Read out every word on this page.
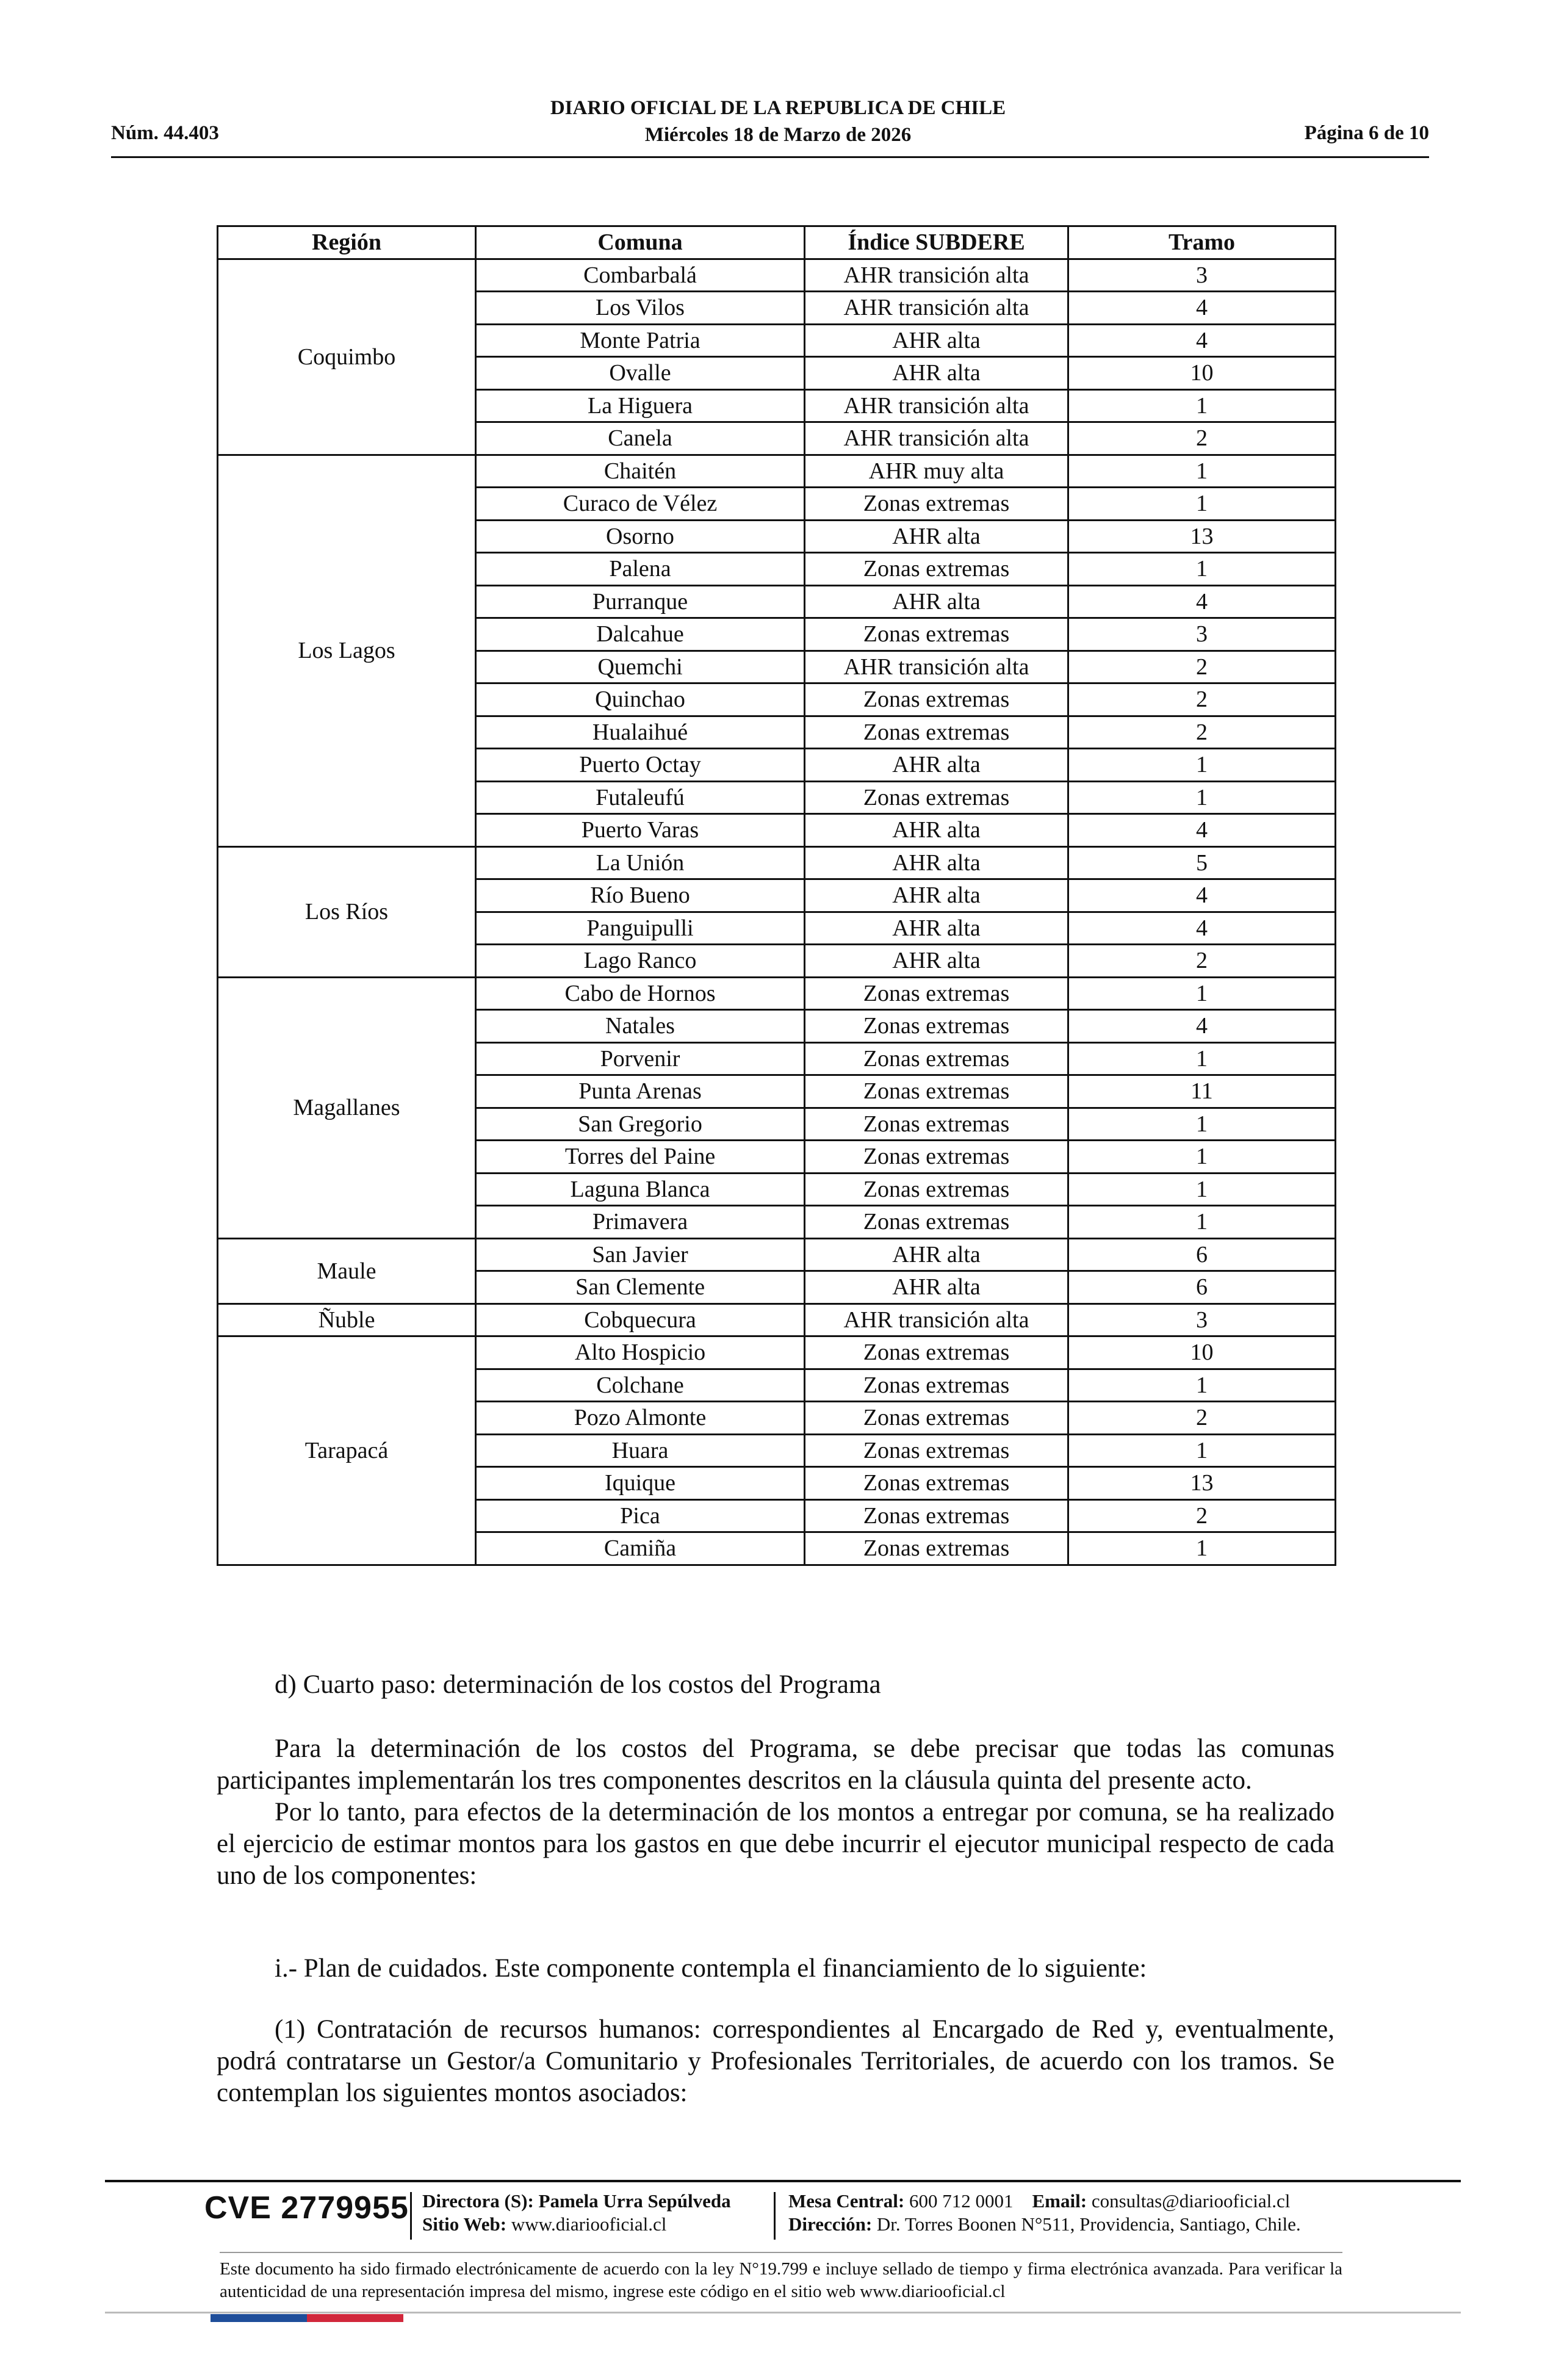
Núm. 44.403
DIARIO OFICIAL DE LA REPUBLICA DE CHILE
Miércoles 18 de Marzo de 2026	Página 6 de 10
Región	Comuna	Índice SUBDERE	Tramo
Coquimbo	Combarbalá	AHR transición alta	3
	Los Vilos	AHR transición alta	4
	Monte Patria	AHR alta	4
	Ovalle	AHR alta	10
	La Higuera	AHR transición alta	1
	Canela	AHR transición alta	2
Los Lagos	Chaitén	AHR muy alta	1
	Curaco de Vélez	Zonas extremas	1
	Osorno	AHR alta	13
	Palena	Zonas extremas	1
	Purranque	AHR alta	4
	Dalcahue	Zonas extremas	3
	Quemchi	AHR transición alta	2
	Quinchao	Zonas extremas	2
	Hualaihué	Zonas extremas	2
	Puerto Octay	AHR alta	1
	Futaleufú	Zonas extremas	1
	Puerto Varas	AHR alta	4
Los Ríos	La Unión	AHR alta	5
	Río Bueno	AHR alta	4
	Panguipulli	AHR alta	4
	Lago Ranco	AHR alta	2
Magallanes	Cabo de Hornos	Zonas extremas	1
	Natales	Zonas extremas	4
	Porvenir	Zonas extremas	1
	Punta Arenas	Zonas extremas	11
	San Gregorio	Zonas extremas	1
	Torres del Paine	Zonas extremas	1
	Laguna Blanca	Zonas extremas	1
	Primavera	Zonas extremas	1
Maule	San Javier	AHR alta	6
	San Clemente	AHR alta	6
Ñuble	Cobquecura	AHR transición alta	3
Tarapacá	Alto Hospicio	Zonas extremas	10
	Colchane	Zonas extremas	1
	Pozo Almonte	Zonas extremas	2
	Huara	Zonas extremas	1
	Iquique	Zonas extremas	13
	Pica	Zonas extremas	2
	Camiña	Zonas extremas	1

d) Cuarto paso: determinación de los costos del Programa

Para la determinación de los costos del Programa, se debe precisar que todas las comunas participantes implementarán los tres componentes descritos en la cláusula quinta del presente acto.

Por lo tanto, para efectos de la determinación de los montos a entregar por comuna, se ha realizado el ejercicio de estimar montos para los gastos en que debe incurrir el ejecutor municipal respecto de cada uno de los componentes:

i.- Plan de cuidados. Este componente contempla el financiamiento de lo siguiente:

(1) Contratación de recursos humanos: correspondientes al Encargado de Red y, eventualmente, podrá contratarse un Gestor/a Comunitario y Profesionales Territoriales, de acuerdo con los tramos. Se contemplan los siguientes montos asociados:

CVE 2779955 Directora (S): Pamela Urra Sepúlveda
Sitio Web: www.diariooficial.cl
Mesa Central: 600 712 0001 Email: consultas@diariooficial.cl
Dirección: Dr. Torres Boonen N°511, Providencia, Santiago, Chile.
Este documento ha sido firmado electrónicamente de acuerdo con la ley N°19.799 e incluye sellado de tiempo y firma electrónica avanzada. Para verificar la autenticidad de una representación impresa del mismo, ingrese este código en el sitio web www.diariooficial.cl
